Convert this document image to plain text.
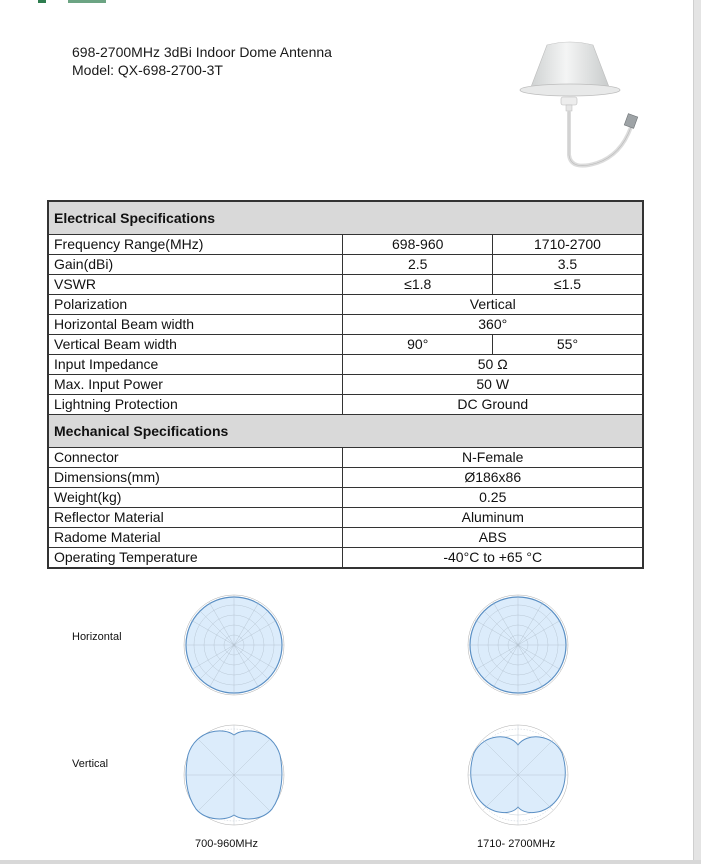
698-2700MHz 3dBi Indoor Dome Antenna
Model: QX-698-2700-3T
Electrical Specifications		
Frequency Range(MHz)	698-960	1710-2700
Gain(dBi)	2.5	3.5
VSWR	≤1.8	≤1.5
Polarization	Vertical	
Horizontal Beam width	360°	
Vertical Beam width	90°	55°
Input Impedance	50 Ω	
Max. Input Power	50 W	
Lightning Protection	DC Ground	
Mechanical Specifications		
Connector	N-Female	
Dimensions(mm)	Ø186x86	
Weight(kg)	0.25	
Reflector Material	Aluminum	
Radome Material	ABS	
Operating Temperature	-40°C to +65 °C	
Horizontal
Vertical
700-960MHz	1710- 2700MHz
